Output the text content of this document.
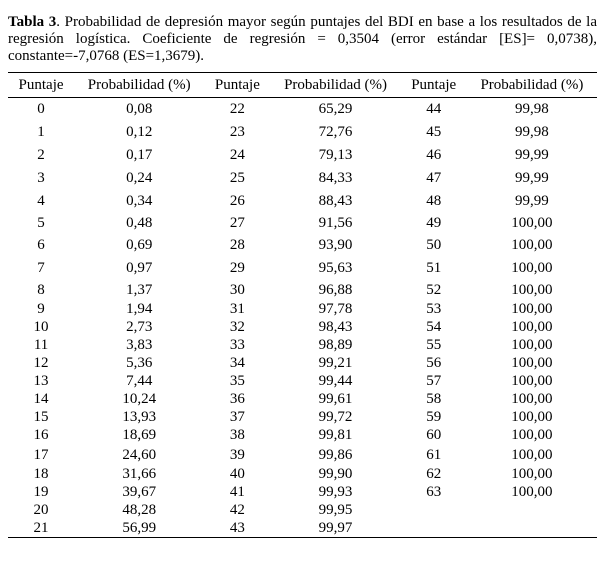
Tabla 3. Probabilidad de depresión mayor según puntajes del BDI en base a los resultados de la regresión logística. Coeficiente de regresión = 0,3504 (error estándar [ES]= 0,0738), constante=-7,0768 (ES=1,3679).

Puntaje	Probabilidad (%)	Puntaje	Probabilidad (%)	Puntaje	Probabilidad (%)
0	0,08	22	65,29	44	99,98
1	0,12	23	72,76	45	99,98
2	0,17	24	79,13	46	99,99
3	0,24	25	84,33	47	99,99
4	0,34	26	88,43	48	99,99
5	0,48	27	91,56	49	100,00
6	0,69	28	93,90	50	100,00
7	0,97	29	95,63	51	100,00
8	1,37	30	96,88	52	100,00
9	1,94	31	97,78	53	100,00
10	2,73	32	98,43	54	100,00
11	3,83	33	98,89	55	100,00
12	5,36	34	99,21	56	100,00
13	7,44	35	99,44	57	100,00
14	10,24	36	99,61	58	100,00
15	13,93	37	99,72	59	100,00
16	18,69	38	99,81	60	100,00
17	24,60	39	99,86	61	100,00
18	31,66	40	99,90	62	100,00
19	39,67	41	99,93	63	100,00
20	48,28	42	99,95		
21	56,99	43	99,97		
